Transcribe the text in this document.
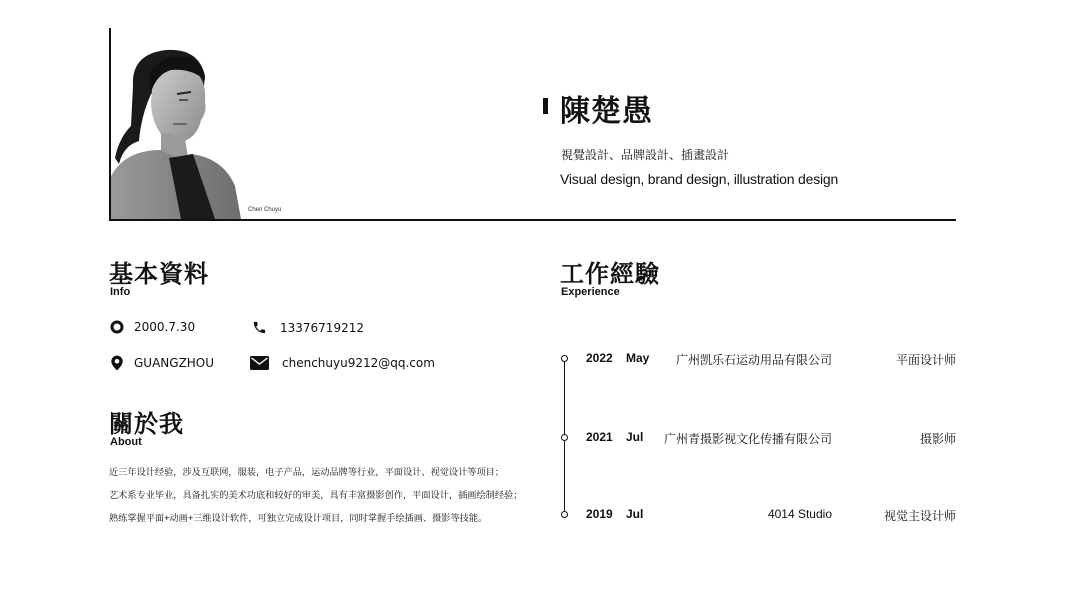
Chen Chuyu
陳楚愚
視覺設計、品牌設計、插畫設計
Visual design, brand design, illustration design
基本資料
Info
2000.7.30	13376719212
GUANGZHOU	chenchuyu9212@qq.com
關於我
About
近三年设计经验，涉及互联网，服装，电子产品，运动品牌等行业，平面设计、视觉设计等项目；
艺术系专业毕业，具备扎实的美术功底和较好的审美，具有丰富摄影创作，平面设计，插画绘制经验；
熟练掌握平面+动画+三维设计软件，可独立完成设计项目，同时掌握手绘插画、摄影等技能。
工作經驗
Experience
2022 May 广州凯乐石运动用品有限公司	平面设计师
2021 Jul 广州青摄影视文化传播有限公司	摄影师
2019 Jul	4014 Studio	视觉主设计师
